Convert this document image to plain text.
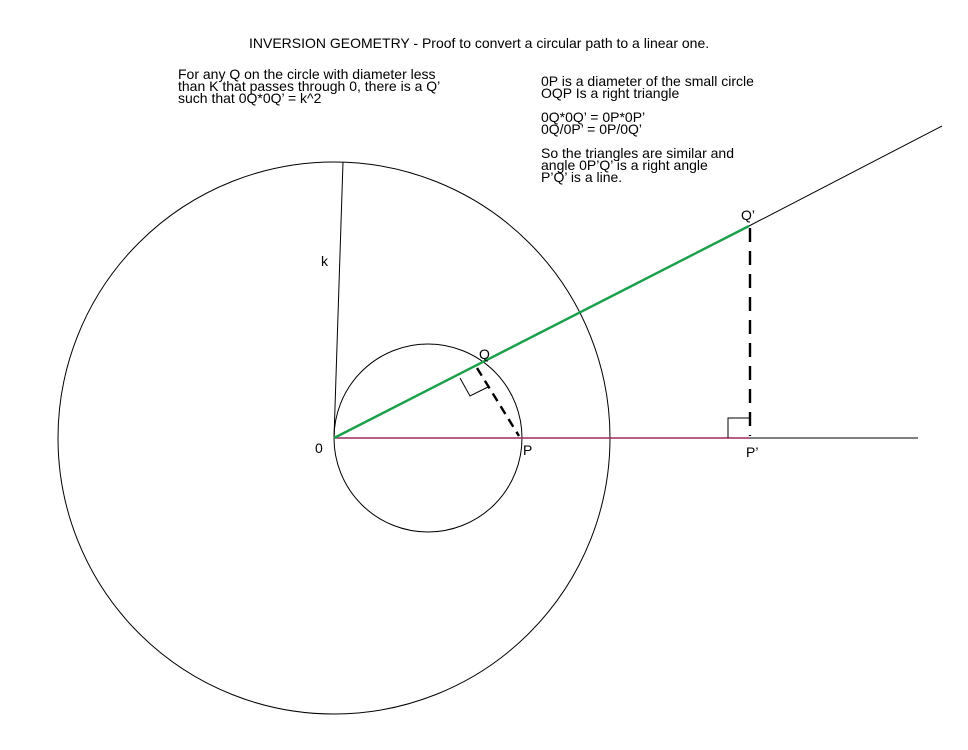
INVERSION GEOMETRY - Proof to convert a circular path to a linear one.
For any Q on the circle with diameter less
than K that passes through 0, there is a Q’
such that 0Q*0Q’ = k^2
0P is a diameter of the small circle
OQP Is a right triangle
0Q*0Q’ = 0P*0P’
0Q/0P’ = 0P/0Q’
So the triangles are similar and
angle 0P’Q’ is a right angle
P’Q’ is a line.
0
k
Q
P
Q’
P’
